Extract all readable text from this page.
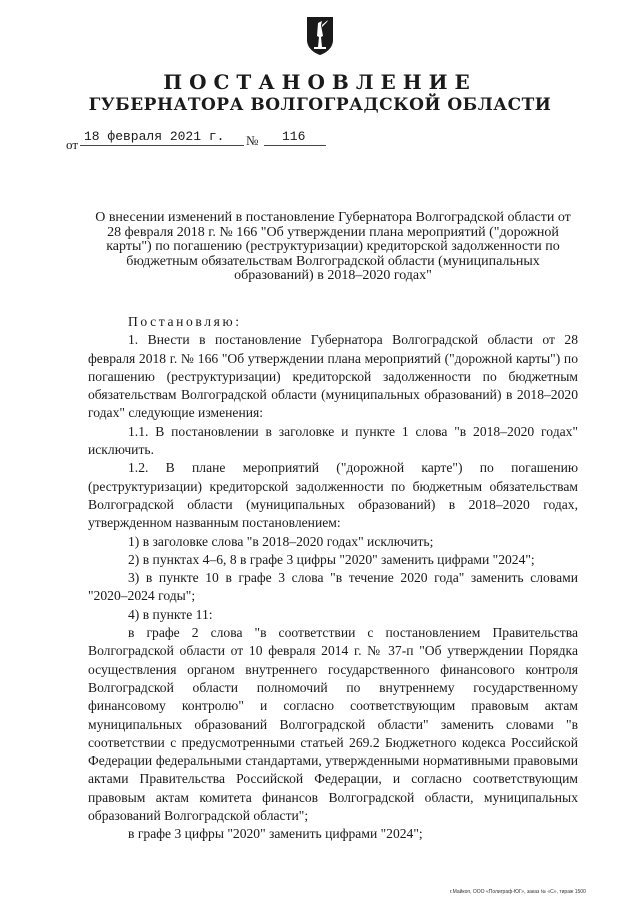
ПОСТАНОВЛЕНИЕ
ГУБЕРНАТОРА ВОЛГОГРАДСКОЙ ОБЛАСТИ
от
18 февраля 2021 г.	№	116
О внесении изменений в постановление Губернатора Волгоградской области от 28 февраля 2018 г. № 166 "Об утверждении плана мероприятий ("дорожной карты") по погашению (реструктуризации) кредиторской задолженности по бюджетным обязательствам Волгоградской области (муниципальных образований) в 2018–2020 годах"

Постановляю:

1. Внести в постановление Губернатора Волгоградской области от 28 февраля 2018 г. № 166 "Об утверждении плана мероприятий ("дорожной карты") по погашению (реструктуризации) кредиторской задолженности по бюджетным обязательствам Волгоградской области (муниципальных образований) в 2018–2020 годах" следующие изменения:

1.1. В постановлении в заголовке и пункте 1 слова "в 2018–2020 годах" исключить.

1.2. В плане мероприятий ("дорожной карте") по погашению (реструктуризации) кредиторской задолженности по бюджетным обязательствам Волгоградской области (муниципальных образований) в 2018–2020 годах, утвержденном названным постановлением:

1) в заголовке слова "в 2018–2020 годах" исключить;

2) в пунктах 4–6, 8 в графе 3 цифры "2020" заменить цифрами "2024";

3) в пункте 10 в графе 3 слова "в течение 2020 года" заменить словами "2020–2024 годы";

4) в пункте 11:

в графе 2 слова "в соответствии с постановлением Правительства Волгоградской области от 10 февраля 2014 г. № 37-п "Об утверждении Порядка осуществления органом внутреннего государственного финансового контроля Волгоградской области полномочий по внутреннему государственному финансовому контролю" и согласно соответствующим правовым актам муниципальных образований Волгоградской области" заменить словами "в соответствии с предусмотренными статьей 269.2 Бюджетного кодекса Российской Федерации федеральными стандартами, утвержденными нормативными правовыми актами Правительства Российской Федерации, и согласно соответствующим правовым актам комитета финансов Волгоградской области, муниципальных образований Волгоградской области";

в графе 3 цифры "2020" заменить цифрами "2024";

г.Майкоп, ООО «Полиграф-ЮГ», заказ № «С», тираж 1500
